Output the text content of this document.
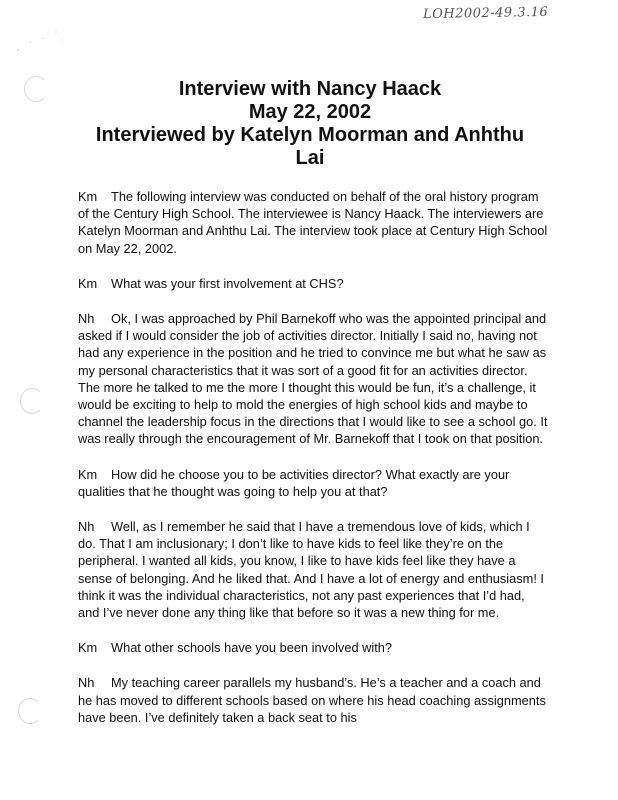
LOH2002-49.3.16
Interview with Nancy Haack
May 22, 2002
Interviewed by Katelyn Moorman and Anhthu
Lai

Km The following interview was conducted on behalf of the oral history program of the Century High School. The interviewee is Nancy Haack. The interviewers are Katelyn Moorman and Anhthu Lai. The interview took place at Century High School on May 22, 2002.

Km What was your first involvement at CHS?

Nh Ok, I was approached by Phil Barnekoff who was the appointed principal and asked if I would consider the job of activities director. Initially I said no, having not had any experience in the position and he tried to convince me but what he saw as my personal characteristics that it was sort of a good fit for an activities director. The more he talked to me the more I thought this would be fun, it’s a challenge, it would be exciting to help to mold the energies of high school kids and maybe to channel the leadership focus in the directions that I would like to see a school go. It was really through the encouragement of Mr. Barnekoff that I took on that position.

Km How did he choose you to be activities director? What exactly are your qualities that he thought was going to help you at that?

Nh Well, as I remember he said that I have a tremendous love of kids, which I do. That I am inclusionary; I don’t like to have kids to feel like they’re on the peripheral. I wanted all kids, you know, I like to have kids feel like they have a sense of belonging. And he liked that. And I have a lot of energy and enthusiasm! I think it was the individual characteristics, not any past experiences that I’d had, and I’ve never done any thing like that before so it was a new thing for me.

Km What other schools have you been involved with?

Nh My teaching career parallels my husband’s. He’s a teacher and a coach and he has moved to different schools based on where his head coaching assignments have been. I’ve definitely taken a back seat to his
